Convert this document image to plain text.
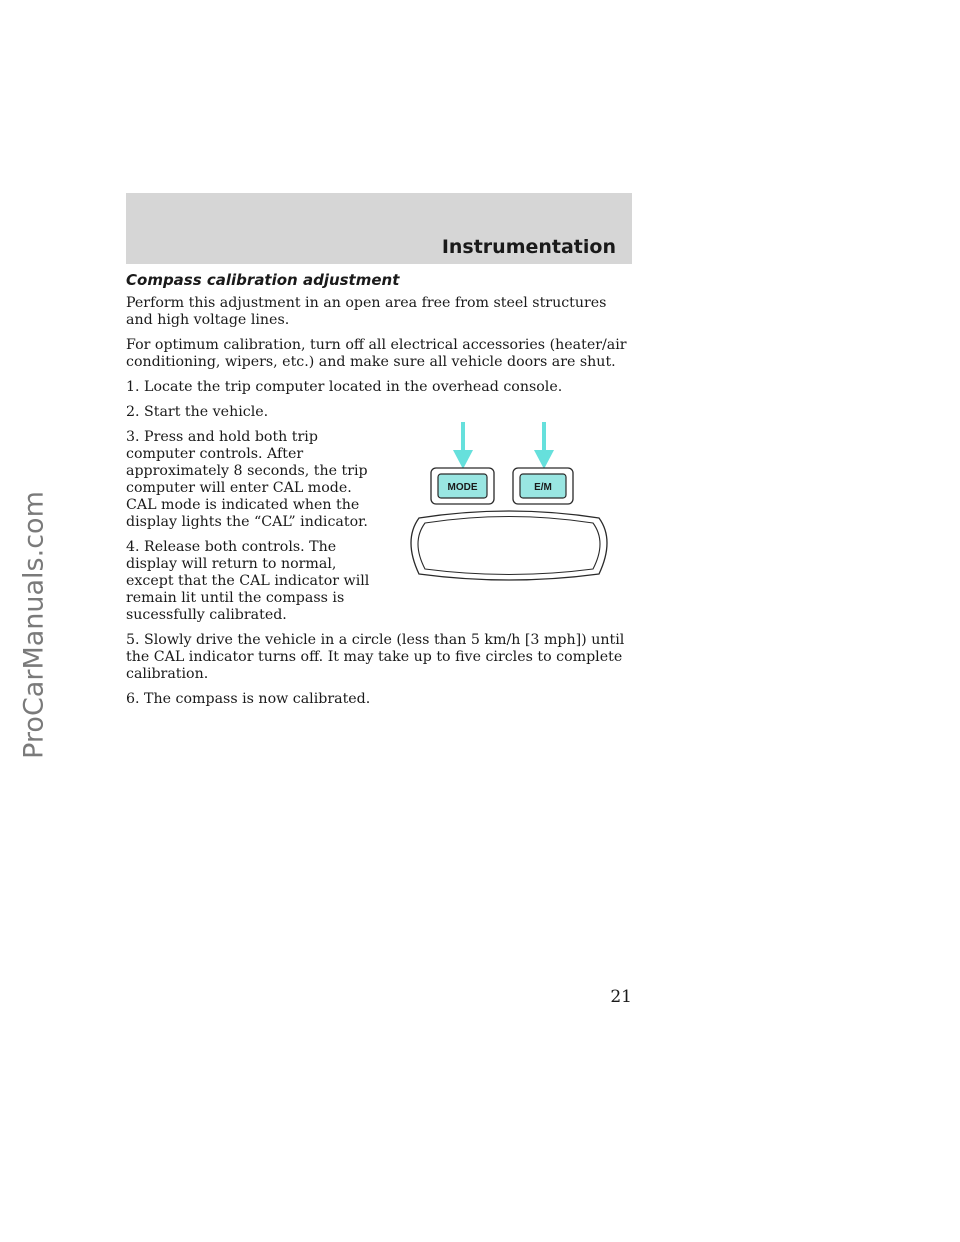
ProCarManuals.com
Instrumentation
Compass calibration adjustment

Perform this adjustment in an open area free from steel structures and high voltage lines.

For optimum calibration, turn off all electrical accessories (heater/air conditioning, wipers, etc.) and make sure all vehicle doors are shut.

1. Locate the trip computer located in the overhead console.

2. Start the vehicle.

3. Press and hold both trip computer controls. After approximately 8 seconds, the trip computer will enter CAL mode. CAL mode is indicated when the display lights the “CAL” indicator.

4. Release both controls. The display will return to normal, except that the CAL indicator will remain lit until the compass is sucessfully calibrated.

5. Slowly drive the vehicle in a circle (less than 5 km/h [3 mph]) until the CAL indicator turns off. It may take up to five circles to complete calibration.

6. The compass is now calibrated.

MODE	E/M
21
